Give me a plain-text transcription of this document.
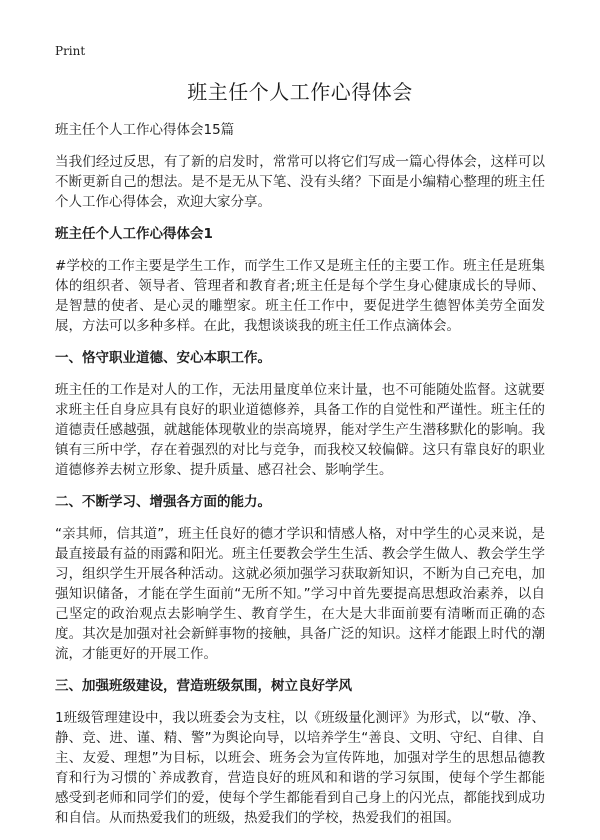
Print
班主任个人工作心得体会
班主任个人工作心得体会15篇

当我们经过反思，有了新的启发时，常常可以将它们写成一篇心得体会，这样可以不断更新自己的想法。是不是无从下笔、没有头绪？下面是小编精心整理的班主任个人工作心得体会，欢迎大家分享。

班主任个人工作心得体会1

#学校的工作主要是学生工作，而学生工作又是班主任的主要工作。班主任是班集体的组织者、领导者、管理者和教育者;班主任是每个学生身心健康成长的导师、是智慧的使者、是心灵的雕塑家。班主任工作中，要促进学生德智体美劳全面发展，方法可以多种多样。在此，我想谈谈我的班主任工作点滴体会。

一、恪守职业道德、安心本职工作。

班主任的工作是对人的工作，无法用量度单位来计量，也不可能随处监督。这就要求班主任自身应具有良好的职业道德修养，具备工作的自觉性和严谨性。班主任的道德责任感越强，就越能体现敬业的崇高境界，能对学生产生潜移默化的影响。我镇有三所中学，存在着强烈的对比与竞争，而我校又较偏僻。这只有靠良好的职业道德修养去树立形象、提升质量、感召社会、影响学生。

二、不断学习、增强各方面的能力。

“亲其师，信其道”，班主任良好的德才学识和情感人格，对中学生的心灵来说，是最直接最有益的雨露和阳光。班主任要教会学生生活、教会学生做人、教会学生学习，组织学生开展各种活动。这就必须加强学习获取新知识，不断为自己充电，加强知识储备，才能在学生面前“无所不知。”学习中首先要提高思想政治素养，以自己坚定的政治观点去影响学生、教育学生，在大是大非面前要有清晰而正确的态度。其次是加强对社会新鲜事物的接触，具备广泛的知识。这样才能跟上时代的潮流，才能更好的开展工作。

三、加强班级建设，营造班级氛围，树立良好学风

1班级管理建设中，我以班委会为支柱，以《班级量化测评》为形式，以“敬、净、静、竞、进、谨、精、警”为舆论向导，以培养学生“善良、文明、守纪、自律、自主、友爱、理想”为目标，以班会、班务会为宣传阵地，加强对学生的思想品德教育和行为习惯的`养成教育，营造良好的班风和和谐的学习氛围，使每个学生都能感受到老师和同学们的爱，使每个学生都能看到自己身上的闪光点，都能找到成功和自信。从而热爱我们的班级，热爱我们的学校，热爱我们的祖国。
